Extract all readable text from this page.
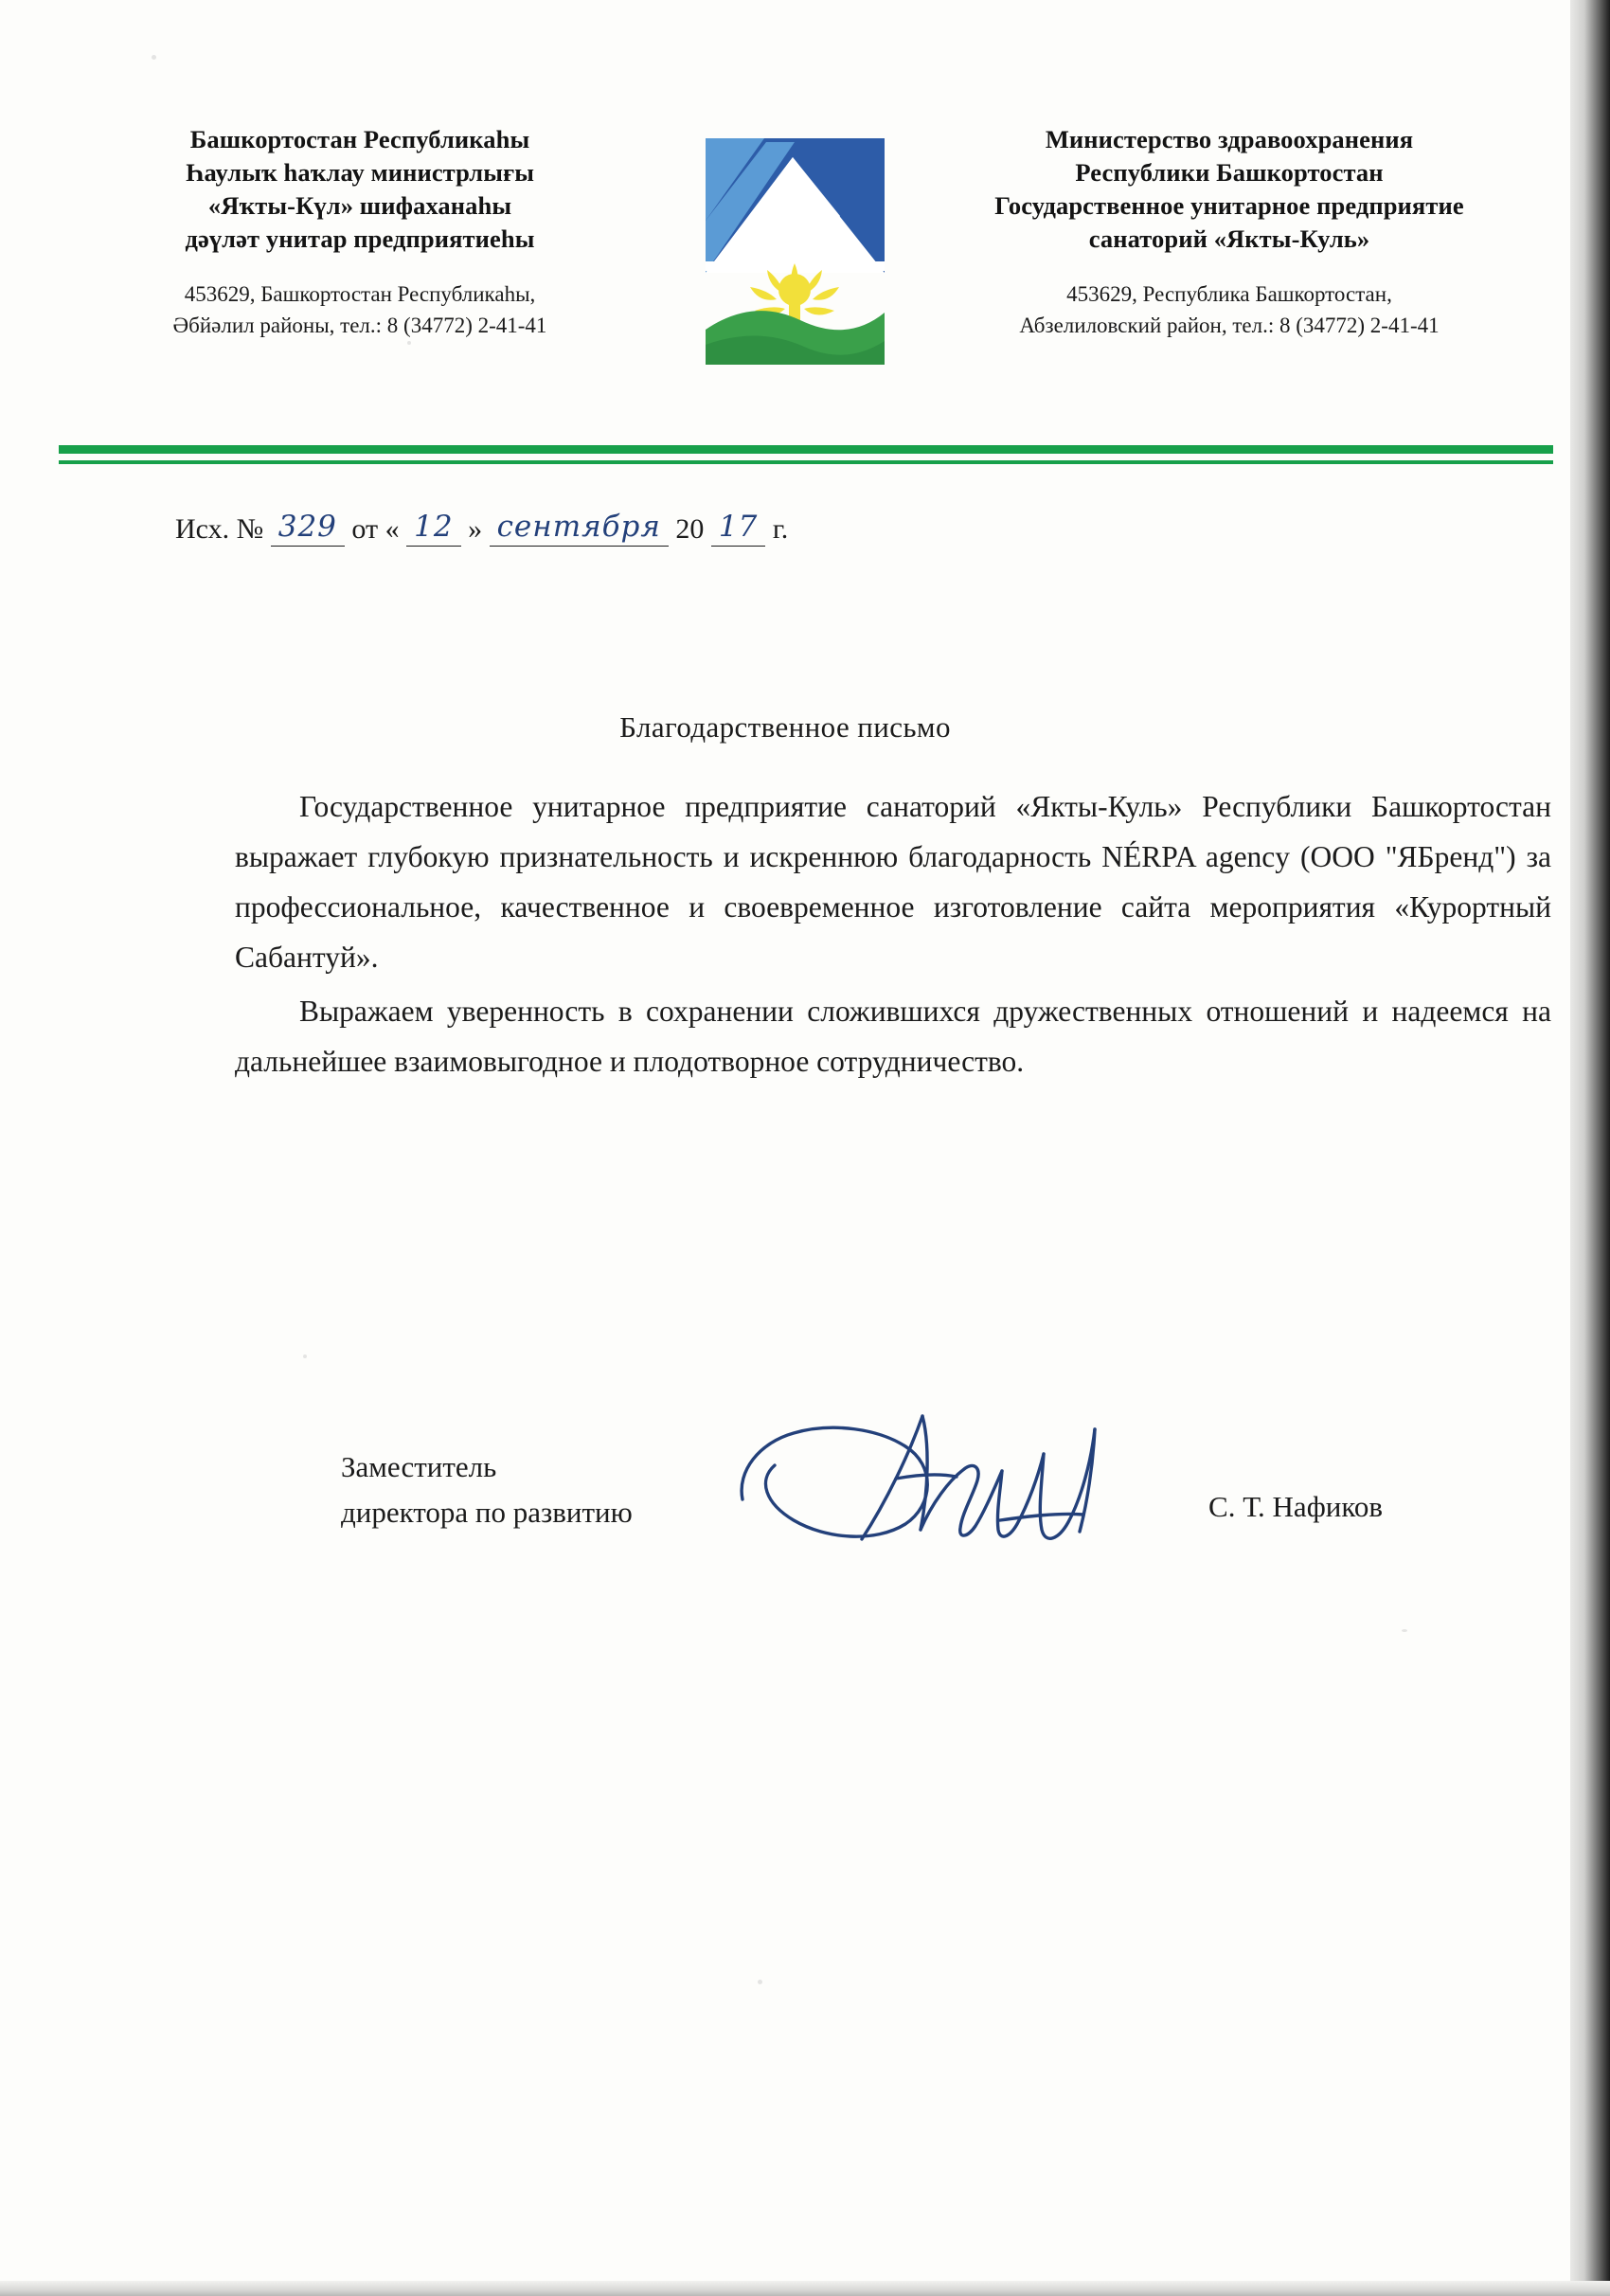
Башкортостан Республикаһы
Һаулыҡ һаҡлау министрлығы
«Яҡты-Күл» шифаханаһы
дәүләт унитар предприятиеһы
453629, Башкортостан Республикаһы,
Әбйәлил районы, тел.: 8 (34772) 2-41-41
Министерство здравоохранения
Республики Башкортостан
Государственное унитарное предприятие
санаторий «Якты-Куль»
453629, Республика Башкортостан,
Абзелиловский район, тел.: 8 (34772) 2-41-41
Исх. № 329 от « 12 » сентября 20 17 г.
Благодарственное письмо

Государственное унитарное предприятие санаторий «Якты-Куль» Республики Башкортостан выражает глубокую признательность и искреннюю благодарность NÉRPA agency (ООО "ЯБренд") за профессиональное, качественное и своевременное изготовление сайта мероприятия «Курортный Сабантуй».

Выражаем уверенность в сохранении сложившихся дружественных отношений и надеемся на дальнейшее взаимовыгодное и плодотворное сотрудничество.

Заместитель
директора по развитию	С. Т. Нафиков
